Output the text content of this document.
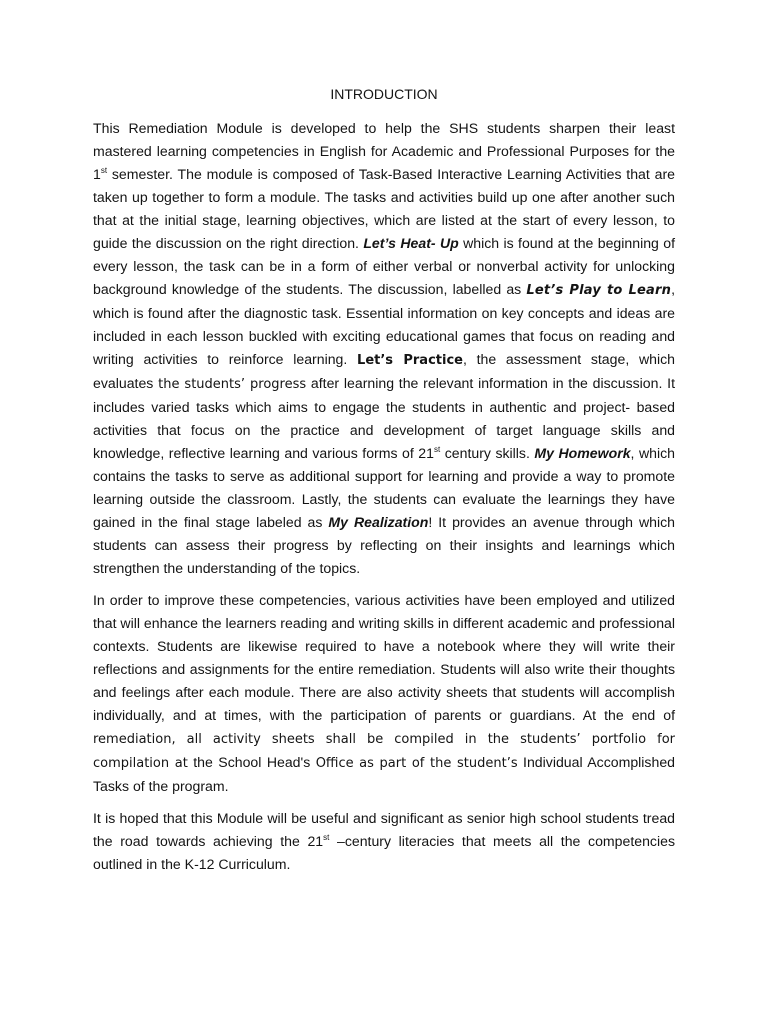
INTRODUCTION

This Remediation Module is developed to help the SHS students sharpen their least mastered learning competencies in English for Academic and Professional Purposes for the 1st semester. The module is composed of Task-Based Interactive Learning Activities that are taken up together to form a module. The tasks and activities build up one after another such that at the initial stage, learning objectives, which are listed at the start of every lesson, to guide the discussion on the right direction. Let’s Heat- Up which is found at the beginning of every lesson, the task can be in a form of either verbal or nonverbal activity for unlocking background knowledge of the students. The discussion, labelled as Let’s Play to Learn, which is found after the diagnostic task. Essential information on key concepts and ideas are included in each lesson buckled with exciting educational games that focus on reading and writing activities to reinforce learning. Let’s Practice, the assessment stage, which evaluates the students’ progress after learning the relevant information in the discussion. It includes varied tasks which aims to engage the students in authentic and project- based activities that focus on the practice and development of target language skills and knowledge, reflective learning and various forms of 21st century skills. My Homework, which contains the tasks to serve as additional support for learning and provide a way to promote learning outside the classroom. Lastly, the students can evaluate the learnings they have gained in the final stage labeled as My Realization! It provides an avenue through which students can assess their progress by reflecting on their insights and learnings which strengthen the understanding of the topics.

In order to improve these competencies, various activities have been employed and utilized that will enhance the learners reading and writing skills in different academic and professional contexts. Students are likewise required to have a notebook where they will write their reflections and assignments for the entire remediation. Students will also write their thoughts and feelings after each module. There are also activity sheets that students will accomplish individually, and at times, with the participation of parents or guardians. At the end of remediation, all activity sheets shall be compiled in the students’ portfolio for compilation at the School Head's Office as part of the student’s Individual Accomplished Tasks of the program.

It is hoped that this Module will be useful and significant as senior high school students tread the road towards achieving the 21st –century literacies that meets all the competencies outlined in the K-12 Curriculum.
